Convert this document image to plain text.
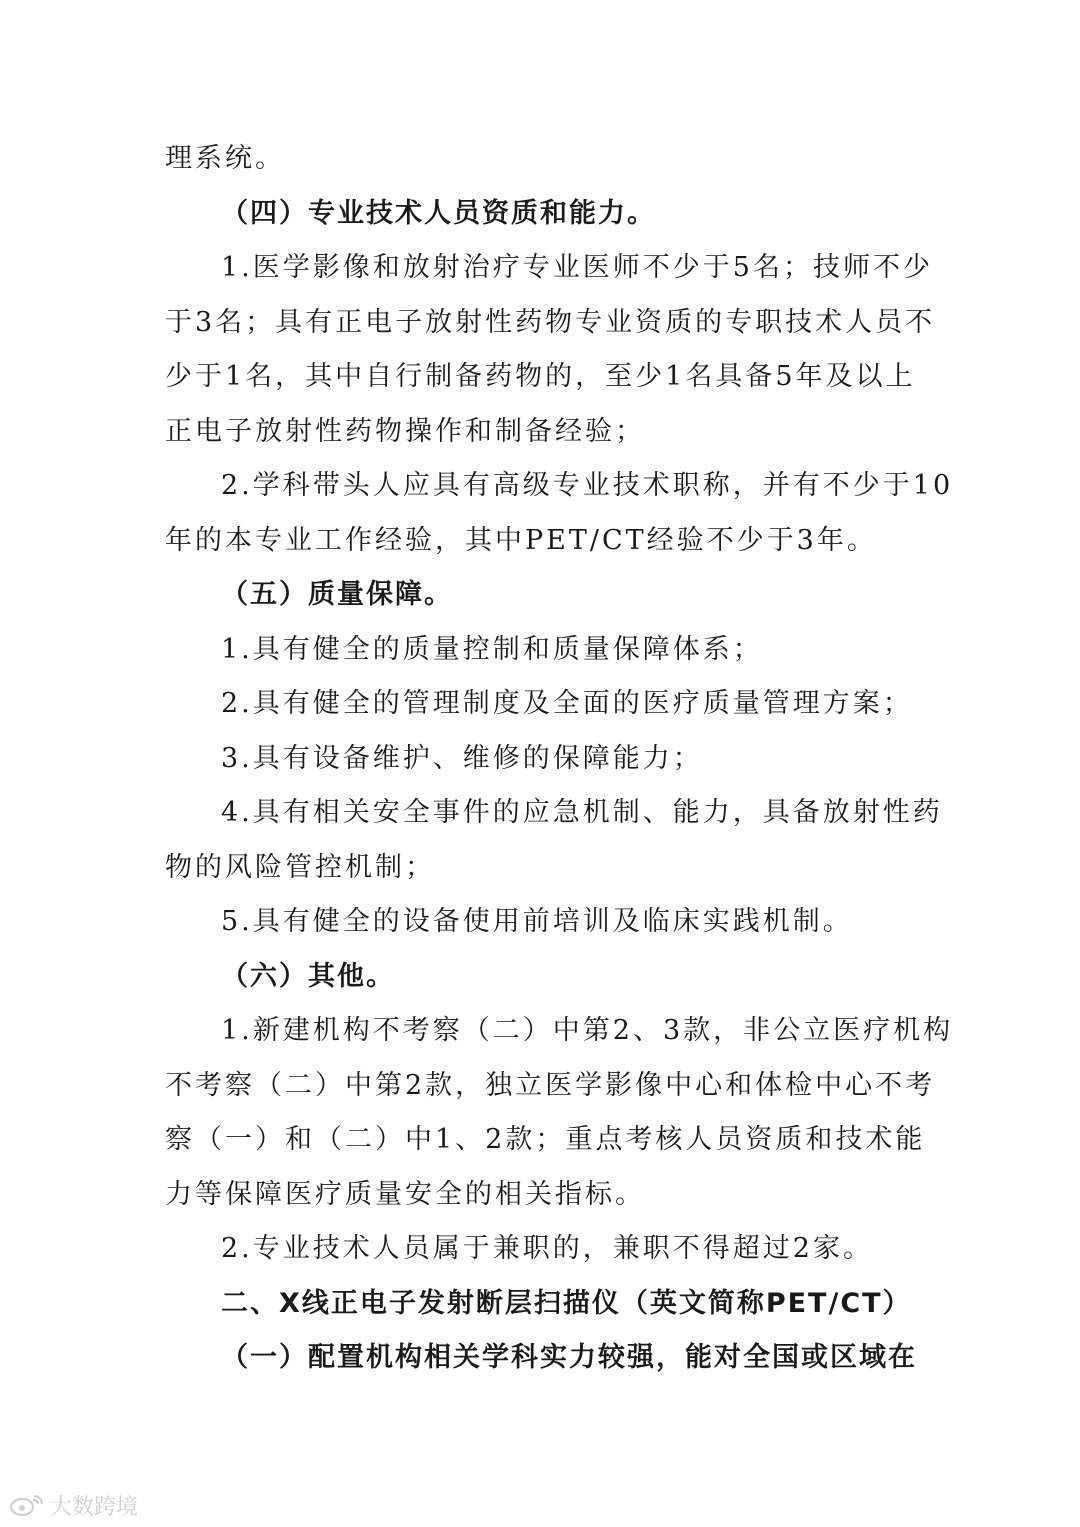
理系统。
（四）专业技术人员资质和能力。
1.医学影像和放射治疗专业医师不少于5名；技师不少
于3名；具有正电子放射性药物专业资质的专职技术人员不
少于1名，其中自行制备药物的，至少1名具备5年及以上
正电子放射性药物操作和制备经验；
2.学科带头人应具有高级专业技术职称，并有不少于10
年的本专业工作经验，其中PET/CT经验不少于3年。
（五）质量保障。
1.具有健全的质量控制和质量保障体系；
2.具有健全的管理制度及全面的医疗质量管理方案；
3.具有设备维护、维修的保障能力；
4.具有相关安全事件的应急机制、能力，具备放射性药
物的风险管控机制；
5.具有健全的设备使用前培训及临床实践机制。
（六）其他。
1.新建机构不考察（二）中第2、3款，非公立医疗机构
不考察（二）中第2款，独立医学影像中心和体检中心不考
察（一）和（二）中1、2款；重点考核人员资质和技术能
力等保障医疗质量安全的相关指标。
2.专业技术人员属于兼职的，兼职不得超过2家。
二、X线正电子发射断层扫描仪（英文简称PET/CT）
（一）配置机构相关学科实力较强，能对全国或区域在
大数跨境
